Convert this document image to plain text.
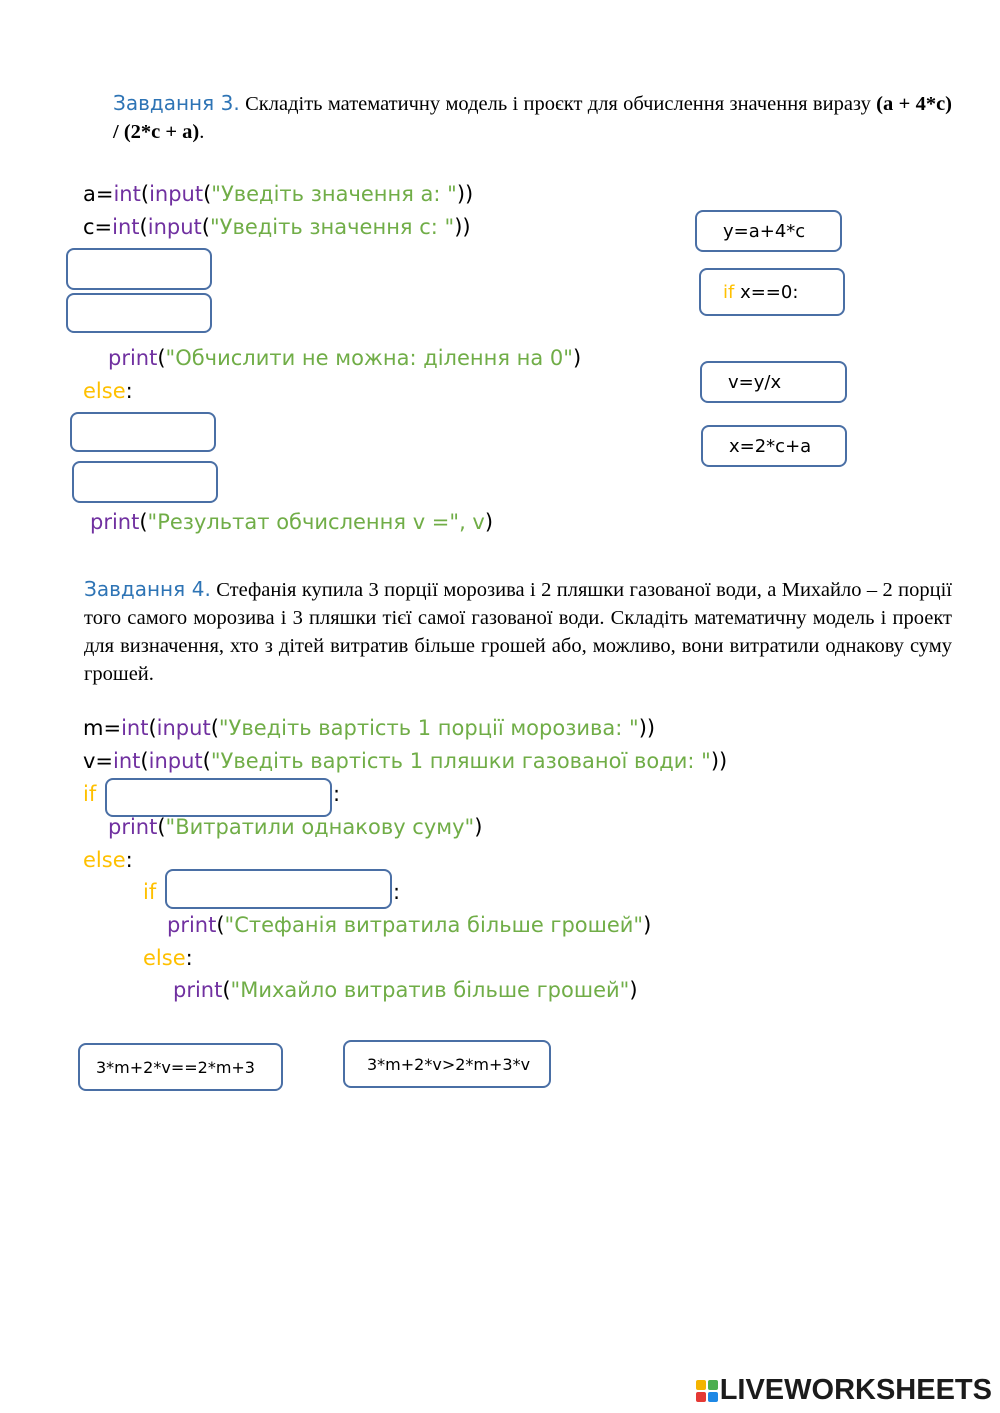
Завдання 3. Складіть математичну модель і проєкт для обчислення значення виразу (a + 4*c) / (2*c + a).
a=int(input("Уведіть значення а: "))
c=int(input("Уведіть значення с: "))
print("Обчислити не можна: ділення на 0")
else:
print("Результат обчислення v =", v)
y=a+4*c
if x==0:
v=y/x
x=2*c+a
Завдання 4. Стефанія купила 3 порції морозива і 2 пляшки газованої води, а Михайло – 2 порції того самого морозива і 3 пляшки тієї самої газованої води. Складіть математичну модель і проект для визначення, хто з дітей витратив більше грошей або, можливо, вони витратили однакову суму грошей.
m=int(input("Уведіть вартість 1 порції морозива: "))
v=int(input("Уведіть вартість 1 пляшки газованої води: "))
if	:
print("Витратили однакову суму")
else:
if	:
print("Стефанія витратила більше грошей")
else:
print("Михайло витратив більше грошей")
3*m+2*v==2*m+3	3*m+2*v>2*m+3*v
LIVEWORKSHEETS
